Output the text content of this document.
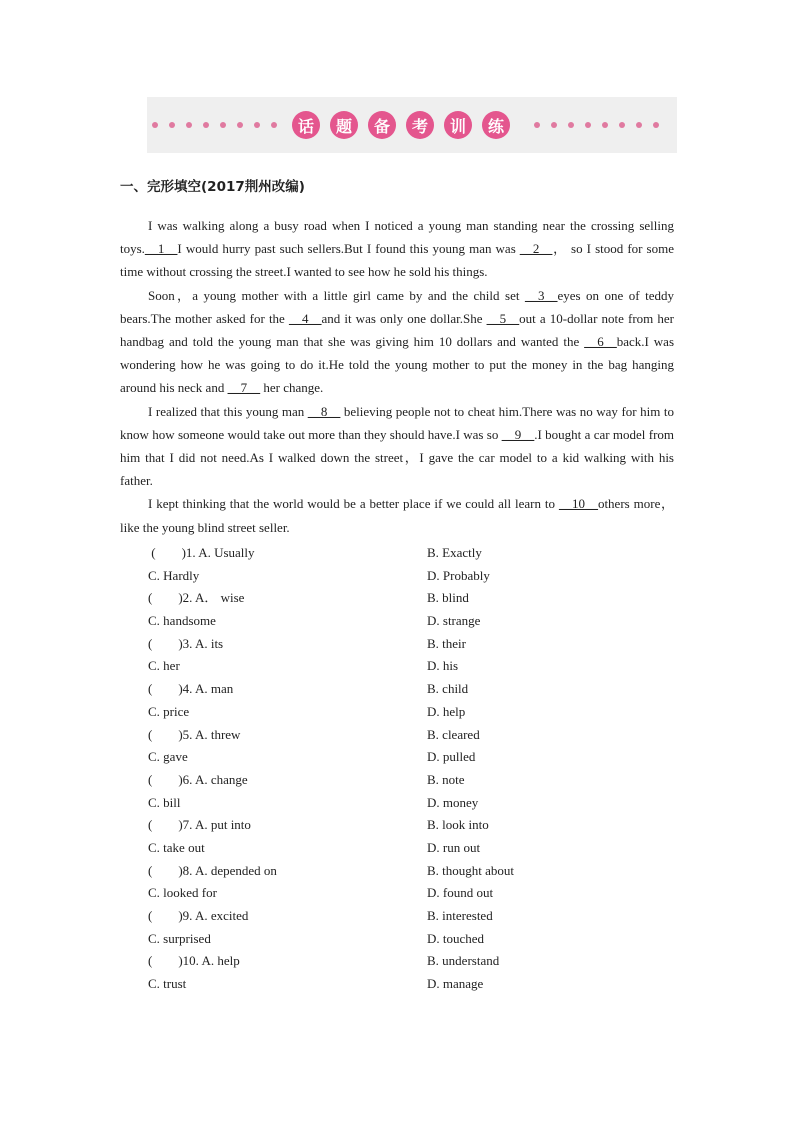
话	题	备	考	训	练
一、完形填空(2017荆州改编)

I was walking along a busy road when I noticed a young man standing near the crossing selling toys.__1__I would hurry past such sellers.But I found this young man was __2__， so I stood for some time without crossing the street.I wanted to see how he sold his things.

Soon，a young mother with a little girl came by and the child set __3__eyes on one of teddy bears.The mother asked for the __4__and it was only one dollar.She __5__out a 10-dollar note from her handbag and told the young man that she was giving him 10 dollars and wanted the __6__back.I was wondering how he was going to do it.He told the young mother to put the money in the bag hanging around his neck and __7__ her change.

I realized that this young man __8__ believing people not to cheat him.There was no way for him to know how someone would take out more than they should have.I was so __9__.I bought a car model from him that I did not need.As I walked down the street，I gave the car model to a kid walking with his father.

I kept thinking that the world would be a better place if we could all learn to __10__others more，like the young blind street seller.

(　　)1. A. Usually	B. Exactly
C. Hardly	D. Probably
(　　)2. A． wise	B. blind
C. handsome	D. strange
(　　)3. A. its	B. their
C. her	D. his
(　　)4. A. man	B. child
C. price	D. help
(　　)5. A. threw	B. cleared
C. gave	D. pulled
(　　)6. A. change	B. note
C. bill	D. money
(　　)7. A. put into	B. look into
C. take out	D. run out
(　　)8. A. depended on	B. thought about
C. looked for	D. found out
(　　)9. A. excited	B. interested
C. surprised	D. touched
(　　)10. A. help	B. understand
C. trust	D. manage
